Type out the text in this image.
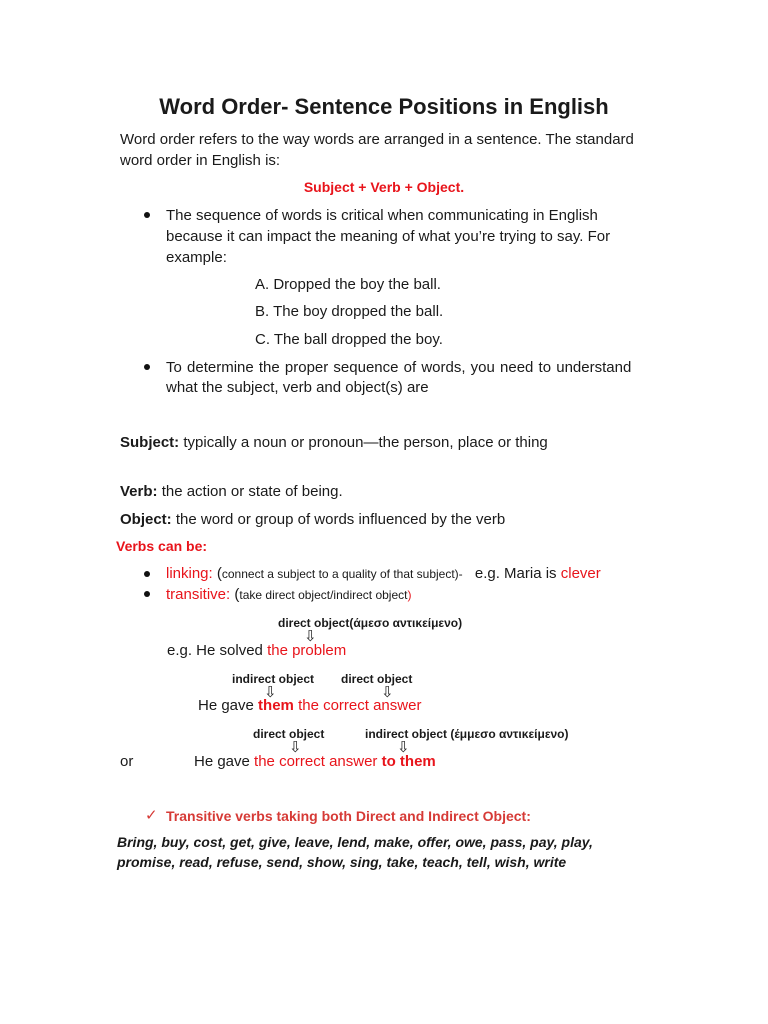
Word Order- Sentence Positions in English
Word order refers to the way words are arranged in a sentence. The standard
word order in English is:
Subject + Verb + Object.
The sequence of words is critical when communicating in English
because it can impact the meaning of what you’re trying to say. For
example:
A. Dropped the boy the ball.
B. The boy dropped the ball.
C. The ball dropped the boy.
To determine the proper sequence of words, you need to understand
what the subject, verb and object(s) are
Subject: typically a noun or pronoun—the person, place or thing
Verb: the action or state of being.
Object: the word or group of words influenced by the verb
Verbs can be:
linking: (connect a subject to a quality of that subject)- e.g. Maria is clever
transitive: (take direct object/indirect object)
direct object(άμεσο αντικείμενο)
⇩
e.g. He solved the problem
indirect object direct object
⇩	⇩
He gave them the correct answer
direct object	indirect object (έμμεσο αντικείμενο)
⇩	⇩
or	He gave the correct answer to them
✓ Transitive verbs taking both Direct and Indirect Object:
Bring, buy, cost, get, give, leave, lend, make, offer, owe, pass, pay, play,
promise, read, refuse, send, show, sing, take, teach, tell, wish, write
